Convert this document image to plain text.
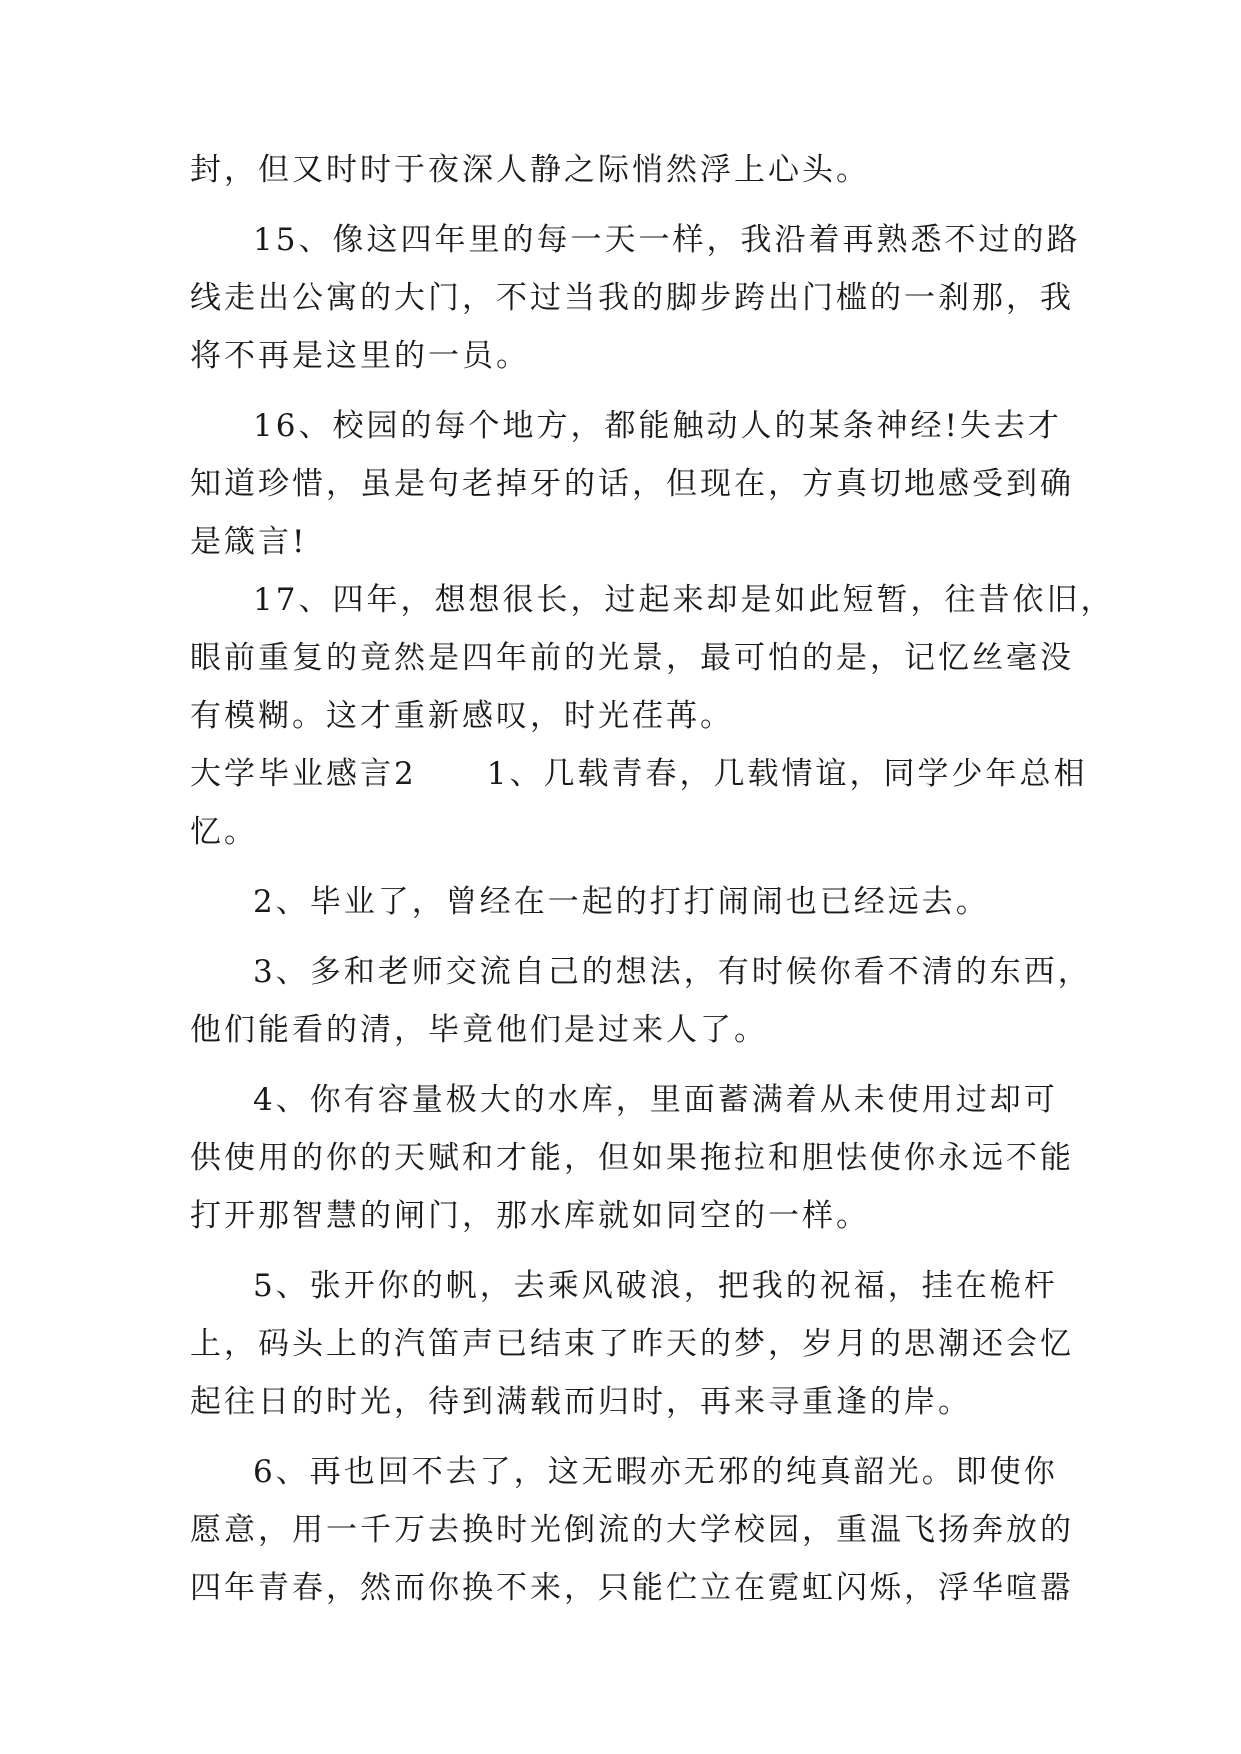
封，但又时时于夜深人静之际悄然浮上心头。
15、像这四年里的每一天一样，我沿着再熟悉不过的路
线走出公寓的大门，不过当我的脚步跨出门槛的一刹那，我
将不再是这里的一员。
16、校园的每个地方，都能触动人的某条神经!失去才
知道珍惜，虽是句老掉牙的话，但现在，方真切地感受到确
是箴言!
17、四年，想想很长，过起来却是如此短暂，往昔依旧，
眼前重复的竟然是四年前的光景，最可怕的是，记忆丝毫没
有模糊。这才重新感叹，时光荏苒。
大学毕业感言2 1、几载青春，几载情谊，同学少年总相
忆。
2、毕业了，曾经在一起的打打闹闹也已经远去。
3、多和老师交流自己的想法，有时候你看不清的东西，
他们能看的清，毕竟他们是过来人了。
4、你有容量极大的水库，里面蓄满着从未使用过却可
供使用的你的天赋和才能，但如果拖拉和胆怯使你永远不能
打开那智慧的闸门，那水库就如同空的一样。
5、张开你的帆，去乘风破浪，把我的祝福，挂在桅杆
上，码头上的汽笛声已结束了昨天的梦，岁月的思潮还会忆
起往日的时光，待到满载而归时，再来寻重逢的岸。
6、再也回不去了，这无暇亦无邪的纯真韶光。即使你
愿意，用一千万去换时光倒流的大学校园，重温飞扬奔放的
四年青春，然而你换不来，只能伫立在霓虹闪烁，浮华喧嚣
